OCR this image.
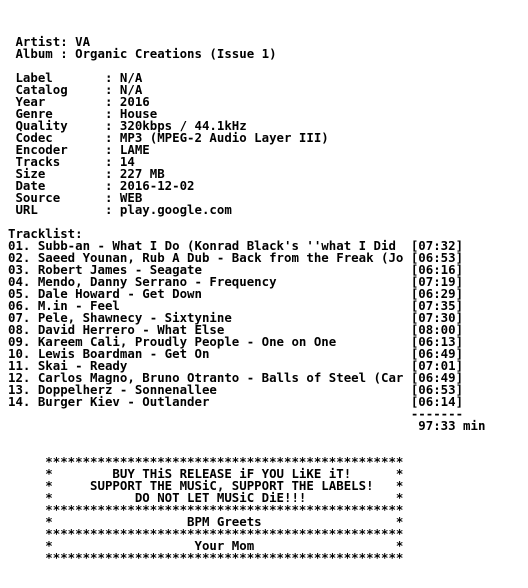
Artist: VA
Album : Organic Creations (Issue 1)
Label       : N/A
Catalog     : N/A
Year        : 2016
Genre       : House
Quality     : 320kbps / 44.1kHz
Codec       : MP3 (MPEG-2 Audio Layer III)
Encoder     : LAME
Tracks      : 14
Size        : 227 MB
Date        : 2016-12-02
Source      : WEB
URL         : play.google.com
Tracklist:
01. Subb-an - What I Do (Konrad Black's ''what I Did  [07:32]
02. Saeed Younan, Rub A Dub - Back from the Freak (Jo [06:53]
03. Robert James - Seagate                            [06:16]
04. Mendo, Danny Serrano - Frequency                  [07:19]
05. Dale Howard - Get Down                            [06:29]
06. M.in - Feel                                       [07:35]
07. Pele, Shawnecy - Sixtynine                        [07:30]
08. David Herrero - What Else                         [08:00]
09. Kareem Cali, Proudly People - One on One          [06:13]
10. Lewis Boardman - Get On                           [06:49]
11. Skai - Ready                                      [07:01]
12. Carlos Magno, Bruno Otranto - Balls of Steel (Car [06:49]
13. Doppelherz - Sonnenallee                          [06:53]
14. Burger Kiev - Outlander                           [06:14]
-------
97:33 min
************************************************
*        BUY THiS RELEASE iF YOU LiKE iT!      *
*     SUPPORT THE MUSiC, SUPPORT THE LABELS!   *
*           DO NOT LET MUSiC DiE!!!            *
************************************************
*                  BPM Greets                  *
************************************************
*                   Your Mom                   *
************************************************
